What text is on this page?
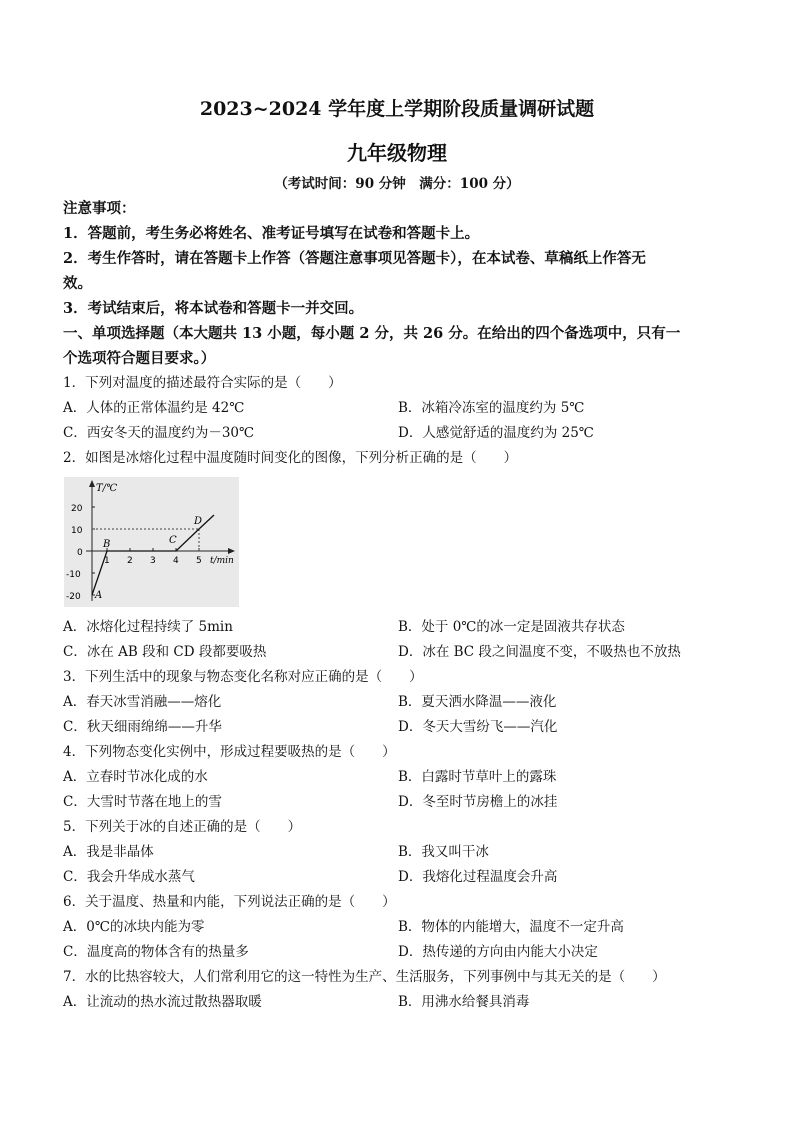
2023~2024 学年度上学期阶段质量调研试题
九年级物理
（考试时间：90 分钟　满分：100 分）
注意事项：
1．答题前，考生务必将姓名、准考证号填写在试卷和答题卡上。
2．考生作答时，请在答题卡上作答（答题注意事项见答题卡），在本试卷、草稿纸上作答无
效。
3．考试结束后，将本试卷和答题卡一并交回。
一、单项选择题（本大题共 13 小题，每小题 2 分，共 26 分。在给出的四个备选项中，只有一
个选项符合题目要求。）
1．下列对温度的描述最符合实际的是（　　）
A．人体的正常体温约是 42℃	B．冰箱冷冻室的温度约为 5℃
C．西安冬天的温度约为－30℃	D．人感觉舒适的温度约为 25℃
2．如图是冰熔化过程中温度随时间变化的图像，下列分析正确的是（　　）
T/℃
t/min
20
10
0
-10
-20
1 2 3 4 5
A
B	C
D
A．冰熔化过程持续了 5min	B．处于 0℃的冰一定是固液共存状态
C．冰在 AB 段和 CD 段都要吸热	D．冰在 BC 段之间温度不变，不吸热也不放热
3．下列生活中的现象与物态变化名称对应正确的是（　　）
A．春天冰雪消融——熔化	B．夏天洒水降温——液化
C．秋天细雨绵绵——升华	D．冬天大雪纷飞——汽化
4．下列物态变化实例中，形成过程要吸热的是（　　）
A．立春时节冰化成的水	B．白露时节草叶上的露珠
C．大雪时节落在地上的雪	D．冬至时节房檐上的冰挂
5．下列关于冰的自述正确的是（　　）
A．我是非晶体	B．我又叫干冰
C．我会升华成水蒸气	D．我熔化过程温度会升高
6．关于温度、热量和内能，下列说法正确的是（　　）
A．0℃的冰块内能为零	B．物体的内能增大，温度不一定升高
C．温度高的物体含有的热量多	D．热传递的方向由内能大小决定
7．水的比热容较大，人们常利用它的这一特性为生产、生活服务，下列事例中与其无关的是（　　）
A．让流动的热水流过散热器取暖	B．用沸水给餐具消毒
